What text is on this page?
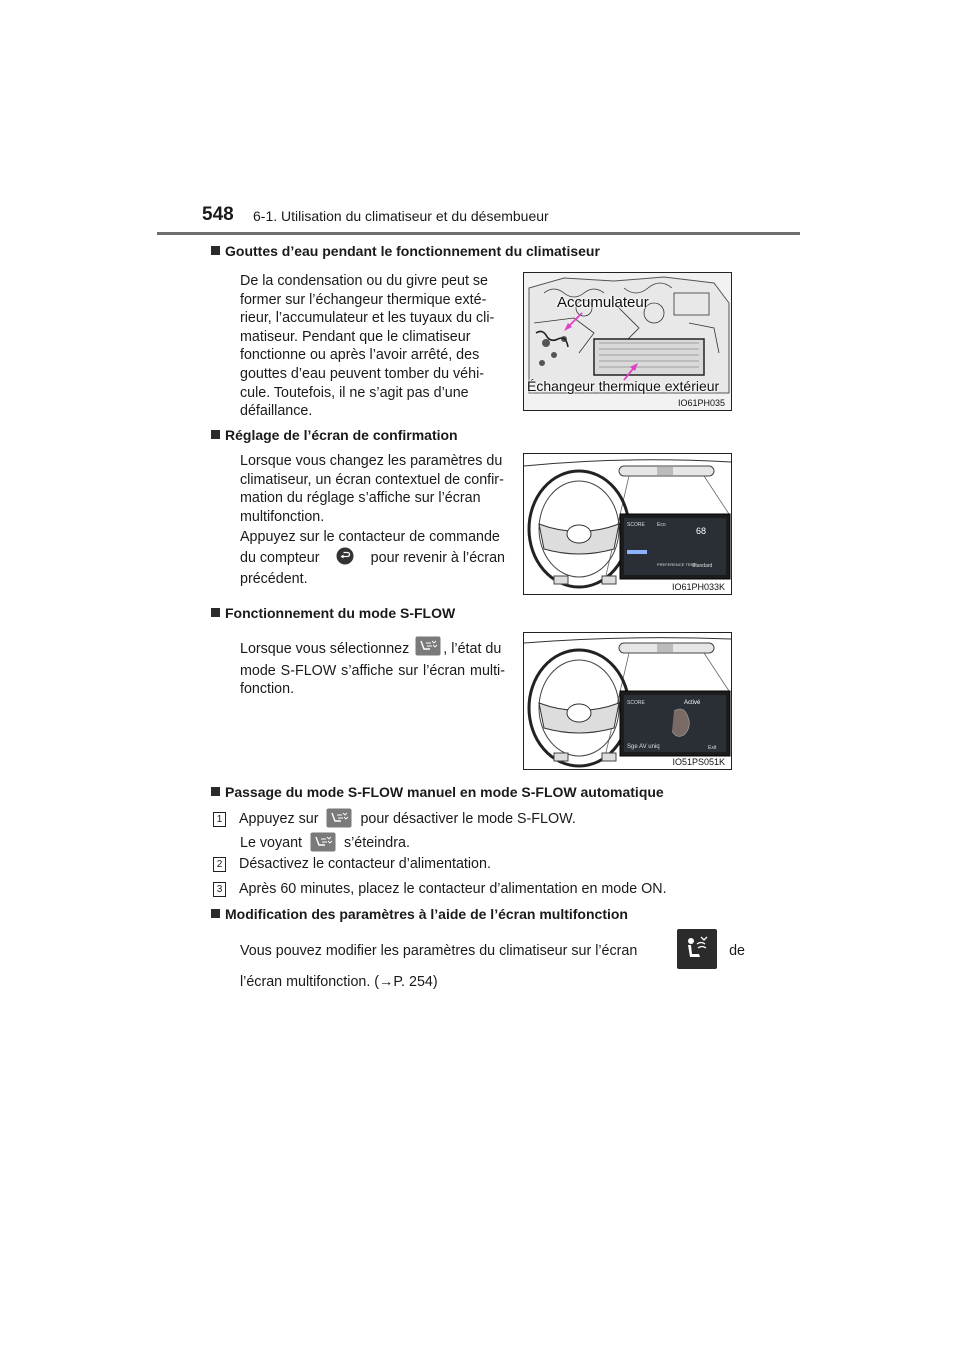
548 6-1. Utilisation du climatiseur et du désembueur
Gouttes d’eau pendant le fonctionnement du climatiseur

De la condensation ou du givre peut se

former sur l’échangeur thermique exté-

rieur, l’accumulateur et les tuyaux du cli-

matiseur. Pendant que le climatiseur

fonctionne ou après l’avoir arrêté, des

gouttes d’eau peuvent tomber du véhi-

cule. Toutefois, il ne s’agit pas d’une

défaillance.

Accumulateur
Échangeur thermique extérieur
IO61PH035
Réglage de l’écran de confirmation

Lorsque vous changez les paramètres du

climatiseur, un écran contextuel de confir-

mation du réglage s’affiche sur l’écran

multifonction.

Appuyez sur le contacteur de commande

du compteur	pour revenir à l’écran

précédent.

SCORE Eco
68
PREFERENCE TEMP
Standard
IO61PH033K
Fonctionnement du mode S-FLOW

Lorsque vous sélectionnez , l’état du

mode S-FLOW s’affiche sur l’écran multi-

fonction.

SCORE	Activé
Sge AV uniq	Exit
IO51PS051K
Passage du mode S-FLOW manuel en mode S-FLOW automatique
1 Appuyez sur	pour désactiver le mode S-FLOW.
Le voyant	s’éteindra.
2 Désactivez le contacteur d’alimentation.
3 Après 60 minutes, placez le contacteur d’alimentation en mode ON.
Modification des paramètres à l’aide de l’écran multifonction
Vous pouvez modifier les paramètres du climatiseur sur l’écran	de
l’écran multifonction. (→P. 254)
